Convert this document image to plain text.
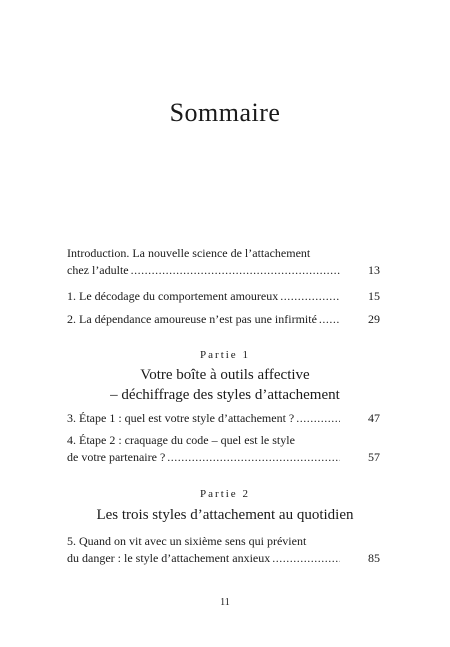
Sommaire
Introduction. La nouvelle science de l’attachement
chez l’adulte .....	13
1. Le décodage du comportement amoureux .....	15
2. La dépendance amoureuse n’est pas une infirmité .....	29
Partie 1
Votre boîte à outils affective
– déchiffrage des styles d’attachement
3. Étape 1 : quel est votre style d’attachement ? .....	47
4. Étape 2 : craquage du code – quel est le style
de votre partenaire ? .....	57
Partie 2
Les trois styles d’attachement au quotidien
5. Quand on vit avec un sixième sens qui prévient
du danger : le style d’attachement anxieux .....	85
11
